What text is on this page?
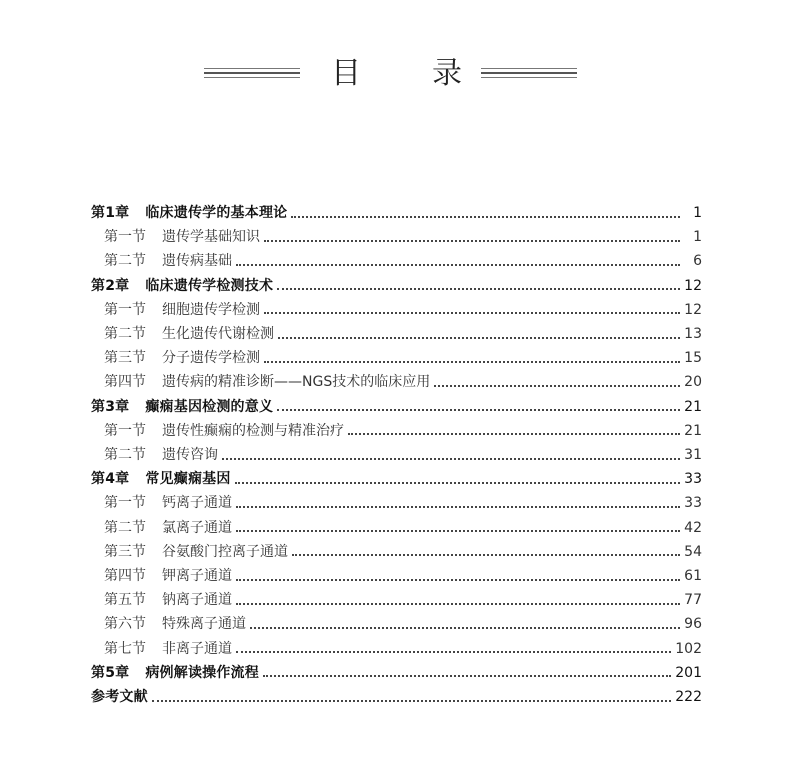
目 录
第1章 临床遗传学的基本理论	1
第一节 遗传学基础知识	1
第二节 遗传病基础	6
第2章 临床遗传学检测技术	12
第一节 细胞遗传学检测	12
第二节 生化遗传代谢检测	13
第三节 分子遗传学检测	15
第四节 遗传病的精准诊断——NGS技术的临床应用	20
第3章 癫痫基因检测的意义	21
第一节 遗传性癫痫的检测与精准治疗	21
第二节 遗传咨询	31
第4章 常见癫痫基因	33
第一节 钙离子通道	33
第二节 氯离子通道	42
第三节 谷氨酸门控离子通道	54
第四节 钾离子通道	61
第五节 钠离子通道	77
第六节 特殊离子通道	96
第七节 非离子通道	102
第5章 病例解读操作流程	201
参考文献	222
